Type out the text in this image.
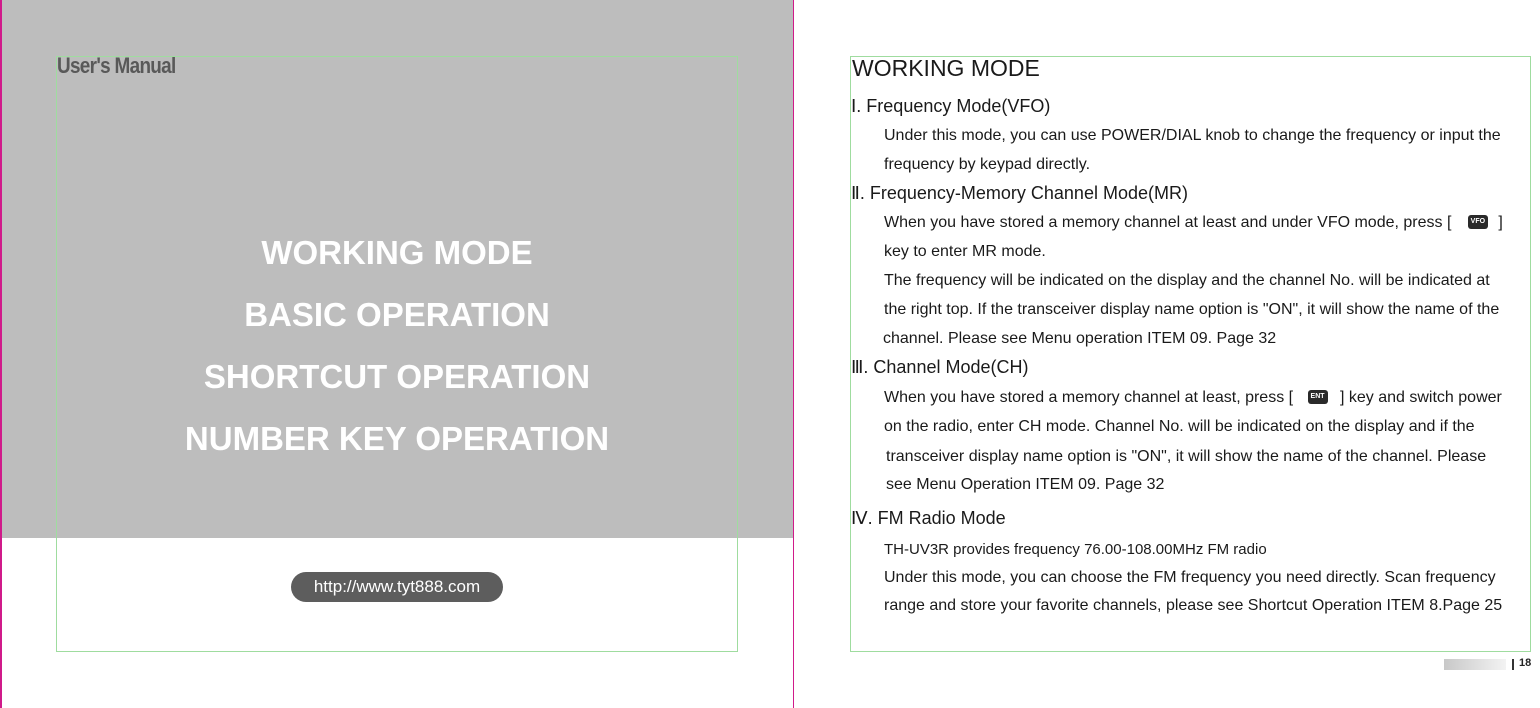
User's Manual
WORKING MODE
BASIC OPERATION
SHORTCUT OPERATION
NUMBER KEY OPERATION
http://www.tyt888.com
WORKING MODE
Ⅰ. Frequency Mode(VFO)
Under this mode, you can use POWER/DIAL knob to change the frequency or input the
frequency by keypad directly.
Ⅱ. Frequency-Memory Channel Mode(MR)
When you have stored a memory channel at least and under VFO mode, press [	VFO ]
key to enter MR mode.
The frequency will be indicated on the display and the channel No. will be indicated at
the right top. If the transceiver display name option is "ON", it will show the name of the
channel. Please see Menu operation ITEM 09. Page 32
Ⅲ. Channel Mode(CH)
When you have stored a memory channel at least, press [ ENT ] key and switch power
on the radio, enter CH mode. Channel No. will be indicated on the display and if the
transceiver display name option is "ON", it will show the name of the channel. Please
see Menu Operation ITEM 09. Page 32
Ⅳ. FM Radio Mode
TH-UV3R provides frequency 76.00-108.00MHz FM radio
Under this mode, you can choose the FM frequency you need directly. Scan frequency
range and store your favorite channels, please see Shortcut Operation ITEM 8.Page 25
18
